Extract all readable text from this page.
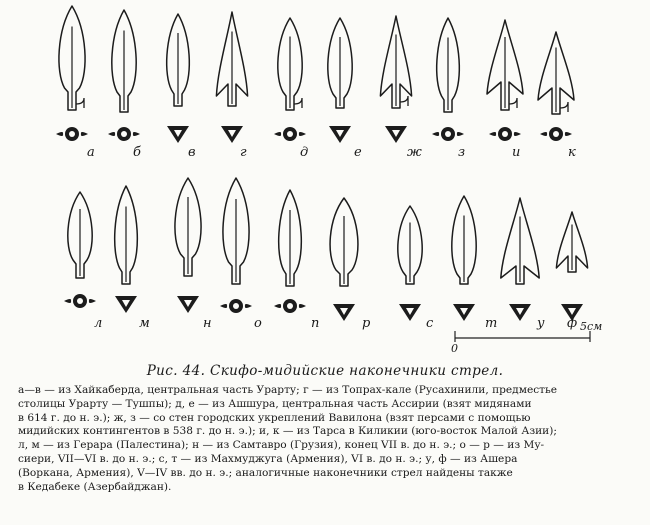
а	б	в	г	д	е	ж	з	и	к
л	м	н	о	п	р	с	т	у ф
0
5см
Рис. 44. Скифо-мидийские наконечники стрел.
а—в — из Хайкаберда, центральная часть Урарту; г — из Топрах-кале (Русахинили, предместье
столицы Урарту — Тушпы); д, е — из Ашшура, центральная часть Ассирии (взят мидянами
в 614 г. до н. э.); ж, з — со стен городских укреплений Вавилона (взят персами с помощью
мидийских контингентов в 538 г. до н. э.); и, к — из Тарса в Киликии (юго-восток Малой Азии);
л, м — из Герара (Палестина); н — из Самтавро (Грузия), конец VII в. до н. э.; о — р — из Му-
сиери, VII—VI в. до н. э.; с, т — из Махмуджуга (Армения), VI в. до н. э.; у, ф — из Ашера
(Воркана, Армения), V—IV вв. до н. э.; аналогичные наконечники стрел найдены также
в Кедабеке (Азербайджан).
